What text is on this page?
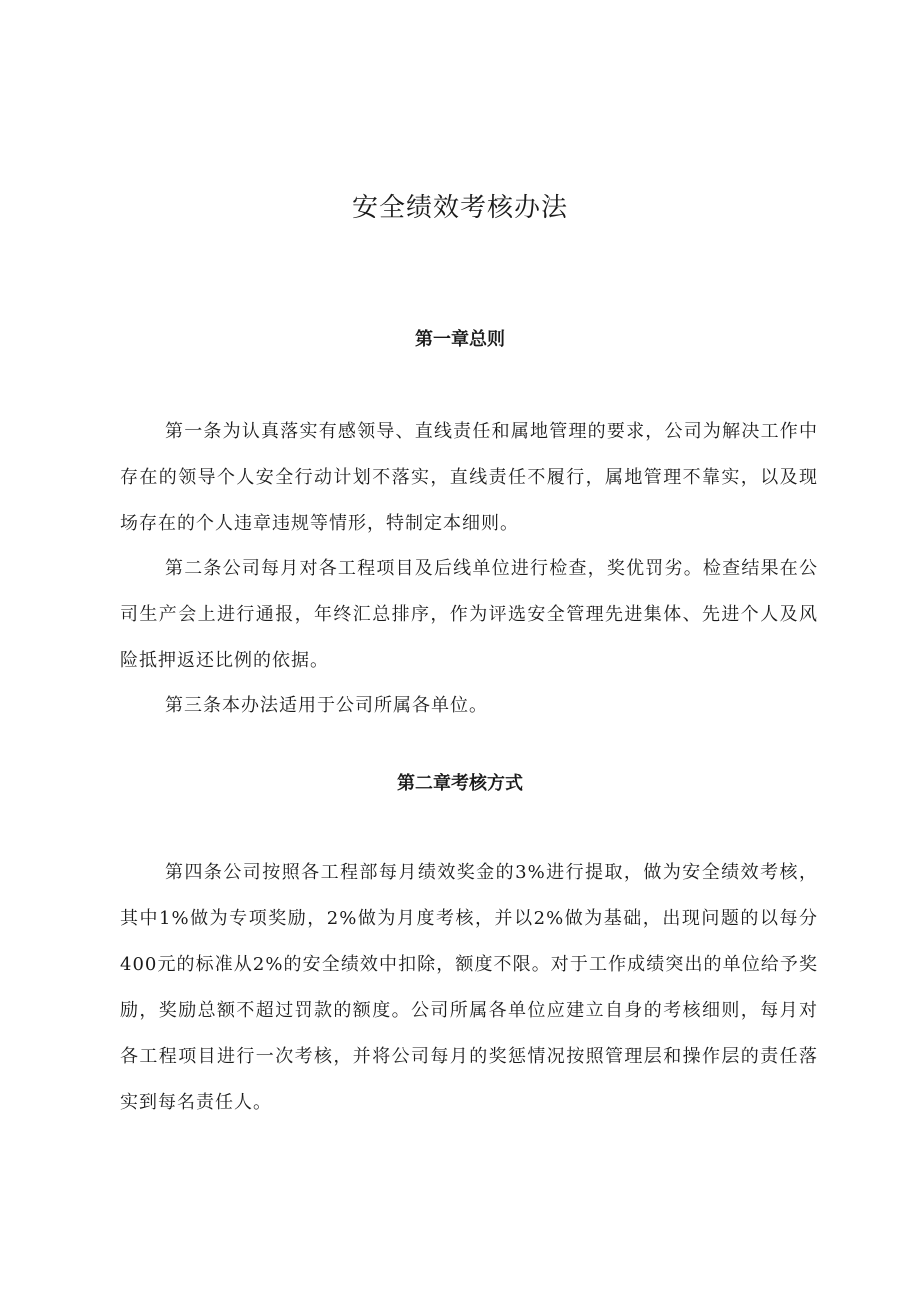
安全绩效考核办法
第一章总则

第一条为认真落实有感领导、直线责任和属地管理的要求，公司为解决工作中存在的领导个人安全行动计划不落实，直线责任不履行，属地管理不靠实，以及现场存在的个人违章违规等情形，特制定本细则。

第二条公司每月对各工程项目及后线单位进行检查，奖优罚劣。检查结果在公司生产会上进行通报，年终汇总排序，作为评选安全管理先进集体、先进个人及风险抵押返还比例的依据。

第三条本办法适用于公司所属各单位。

第二章考核方式

第四条公司按照各工程部每月绩效奖金的3%进行提取，做为安全绩效考核，其中1%做为专项奖励，2%做为月度考核，并以2%做为基础，出现问题的以每分400元的标准从2%的安全绩效中扣除，额度不限。对于工作成绩突出的单位给予奖励，奖励总额不超过罚款的额度。公司所属各单位应建立自身的考核细则，每月对各工程项目进行一次考核，并将公司每月的奖惩情况按照管理层和操作层的责任落实到每名责任人。
